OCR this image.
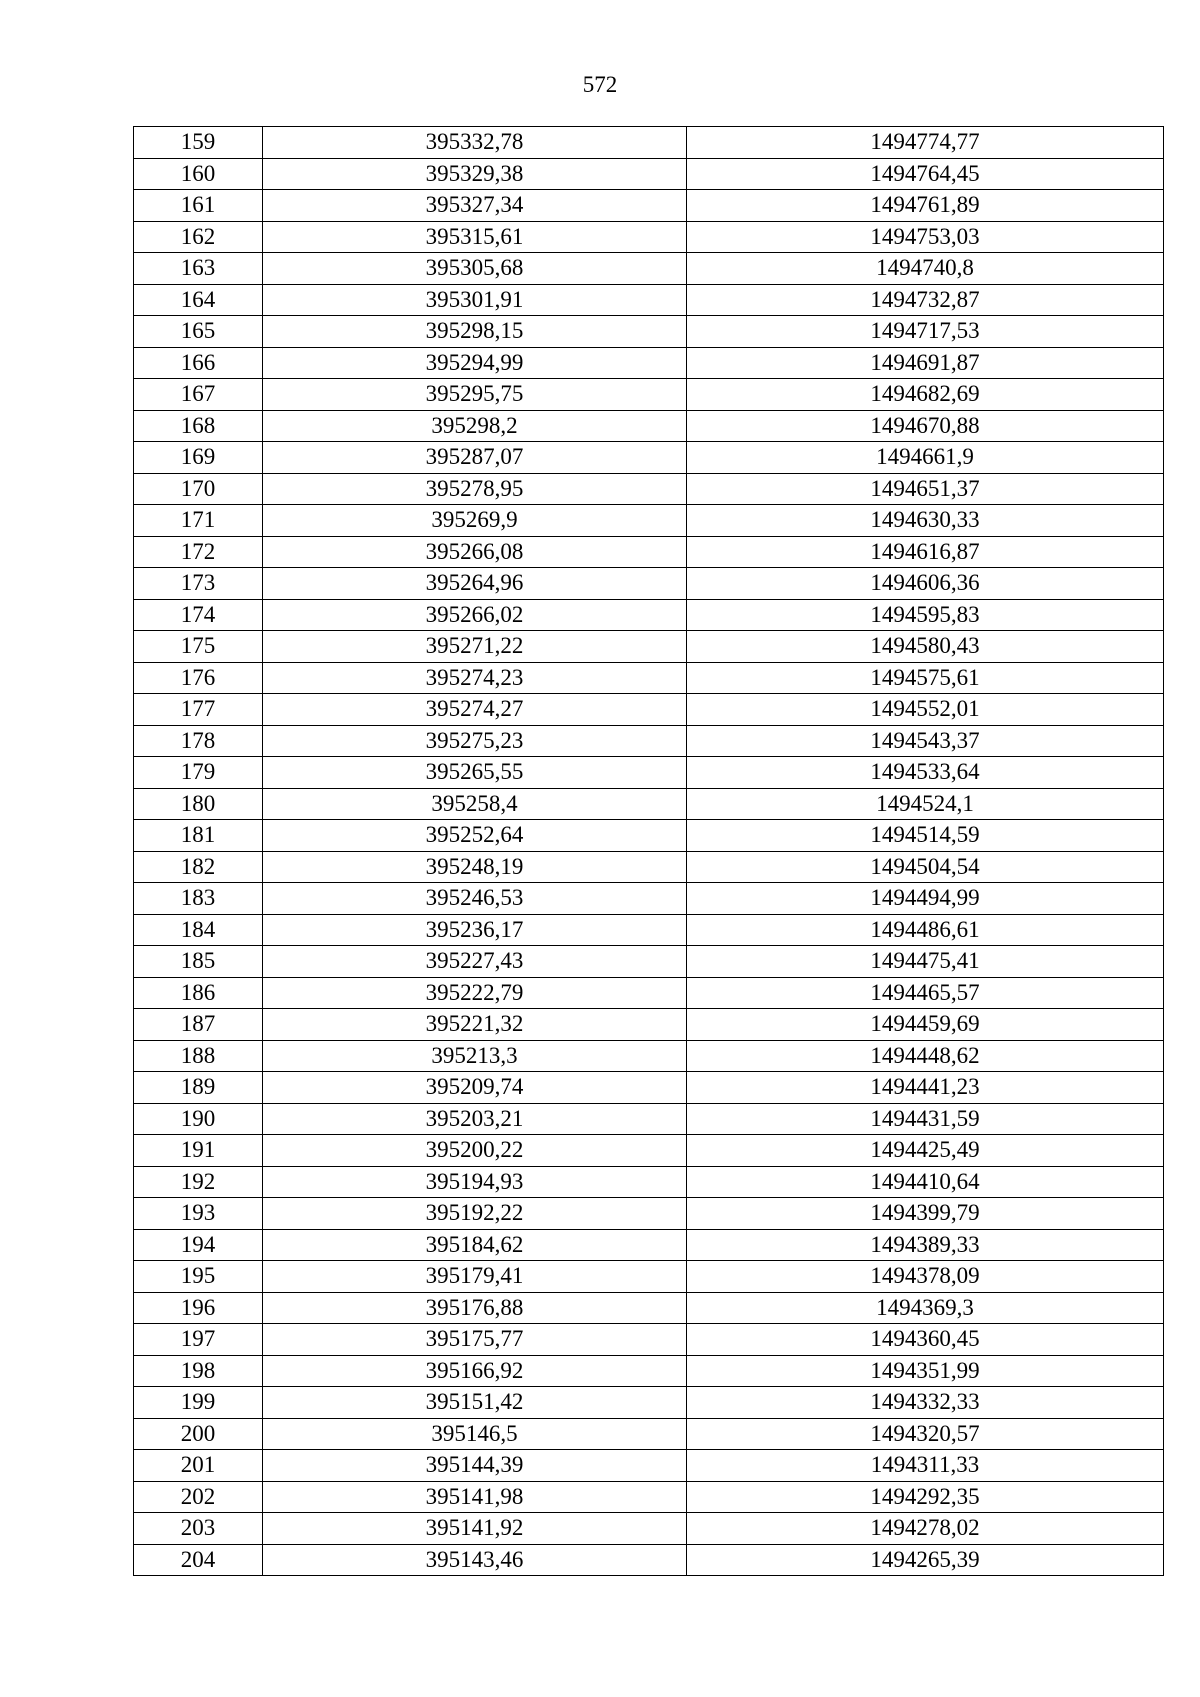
572
159	395332,78	1494774,77
160	395329,38	1494764,45
161	395327,34	1494761,89
162	395315,61	1494753,03
163	395305,68	1494740,8
164	395301,91	1494732,87
165	395298,15	1494717,53
166	395294,99	1494691,87
167	395295,75	1494682,69
168	395298,2	1494670,88
169	395287,07	1494661,9
170	395278,95	1494651,37
171	395269,9	1494630,33
172	395266,08	1494616,87
173	395264,96	1494606,36
174	395266,02	1494595,83
175	395271,22	1494580,43
176	395274,23	1494575,61
177	395274,27	1494552,01
178	395275,23	1494543,37
179	395265,55	1494533,64
180	395258,4	1494524,1
181	395252,64	1494514,59
182	395248,19	1494504,54
183	395246,53	1494494,99
184	395236,17	1494486,61
185	395227,43	1494475,41
186	395222,79	1494465,57
187	395221,32	1494459,69
188	395213,3	1494448,62
189	395209,74	1494441,23
190	395203,21	1494431,59
191	395200,22	1494425,49
192	395194,93	1494410,64
193	395192,22	1494399,79
194	395184,62	1494389,33
195	395179,41	1494378,09
196	395176,88	1494369,3
197	395175,77	1494360,45
198	395166,92	1494351,99
199	395151,42	1494332,33
200	395146,5	1494320,57
201	395144,39	1494311,33
202	395141,98	1494292,35
203	395141,92	1494278,02
204	395143,46	1494265,39
